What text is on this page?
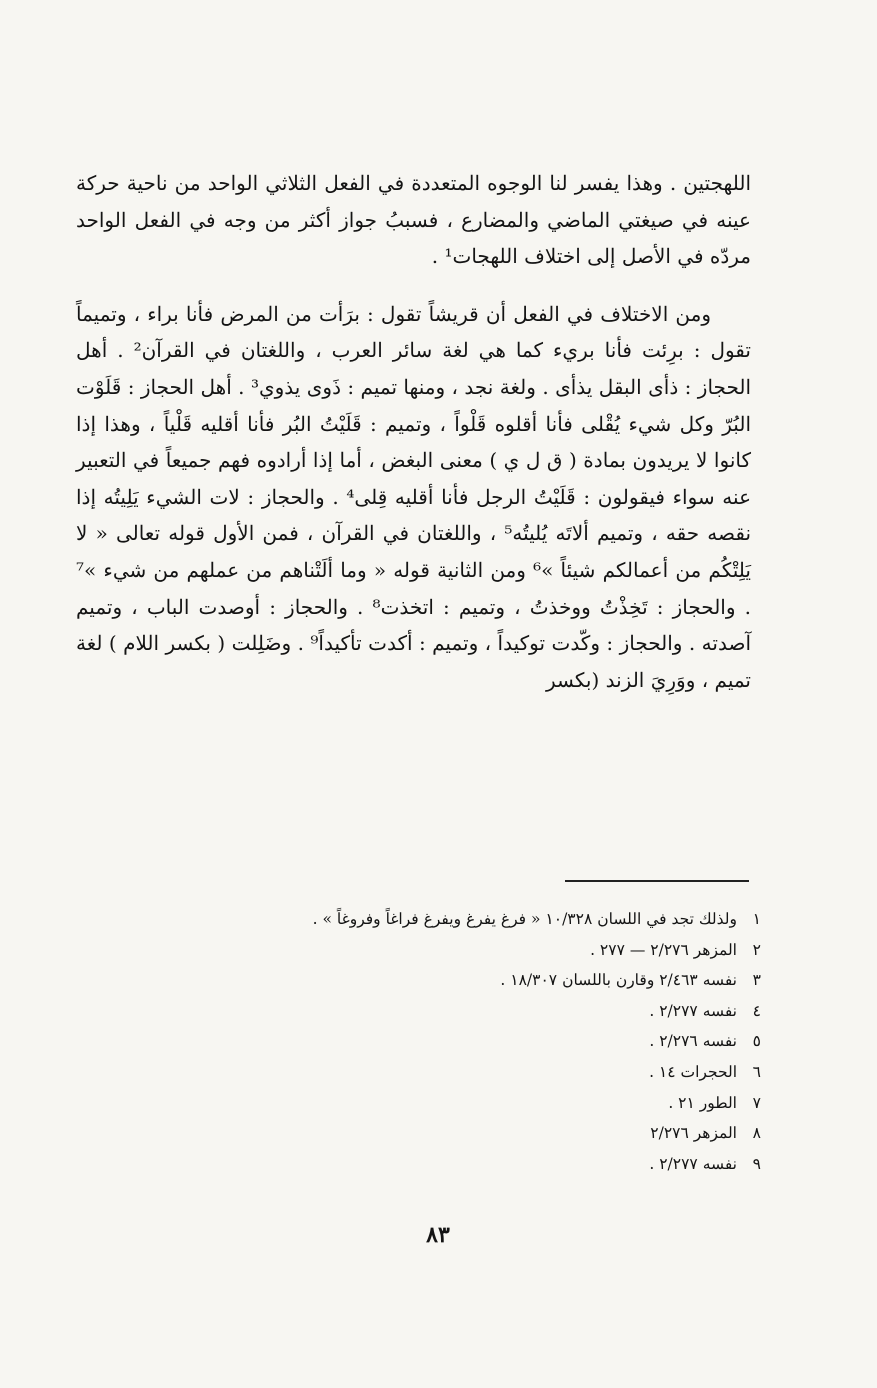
اللهجتين . وهذا يفسر لنا الوجوه المتعددة في الفعل الثلاثي الواحد من ناحية حركة عينه في صيغتي الماضي والمضارع ، فسببُ جواز أكثر من وجه في الفعل الواحد مردّه في الأصل إلى اختلاف اللهجات¹ .

ومن الاختلاف في الفعل أن قريشاً تقول : برَأت من المرض فأنا براء ، وتميماً تقول : برِئت فأنا بريء كما هي لغة سائر العرب ، واللغتان في القرآن² . أهل الحجاز : ذأى البقل يذأى . ولغة نجد ، ومنها تميم : ذَوى يذوي³ . أهل الحجاز : قَلَوْت البُرّ وكل شيء يُقْلى فأنا أقلوه قَلْواً ، وتميم : قَلَيْتُ البُر فأنا أقليه قَلْياً ، وهذا إذا كانوا لا يريدون بمادة ( ق ل ي ) معنى البغض ، أما إذا أرادوه فهم جميعاً في التعبير عنه سواء فيقولون : قَلَيْتُ الرجل فأنا أقليه قِلى⁴ . والحجاز : لات الشيء يَلِيتُه إذا نقصه حقه ، وتميم ألاتَه يُليتُه⁵ ، واللغتان في القرآن ، فمن الأول قوله تعالى « لا يَلِتْكُم من أعمالكم شيئاً »⁶ ومن الثانية قوله « وما ألَتْناهم من عملهم من شيء »⁷ . والحجاز : تَخِذْتُ ووخذتُ ، وتميم : اتخذت⁸ . والحجاز : أوصدت الباب ، وتميم آصدته . والحجاز : وكّدت توكيداً ، وتميم : أكدت تأكيداً⁹ . وضَلِلت ( بكسر اللام ) لغة تميم ، ووَرِيَ الزند (بكسر

١ولذلك تجد في اللسان ١٠/٣٢٨ « فرغ يفرغ ويفرغ فراغاً وفروغاً » .
٢المزهر ٢/٢٧٦ — ٢٧٧ .
٣نفسه ٢/٤٦٣ وقارن باللسان ١٨/٣٠٧ .
٤نفسه ٢/٢٧٧ .
٥نفسه ٢/٢٧٦ .
٦الحجرات ١٤ .
٧الطور ٢١ .
٨المزهر ٢/٢٧٦
٩نفسه ٢/٢٧٧ .
٨٣
